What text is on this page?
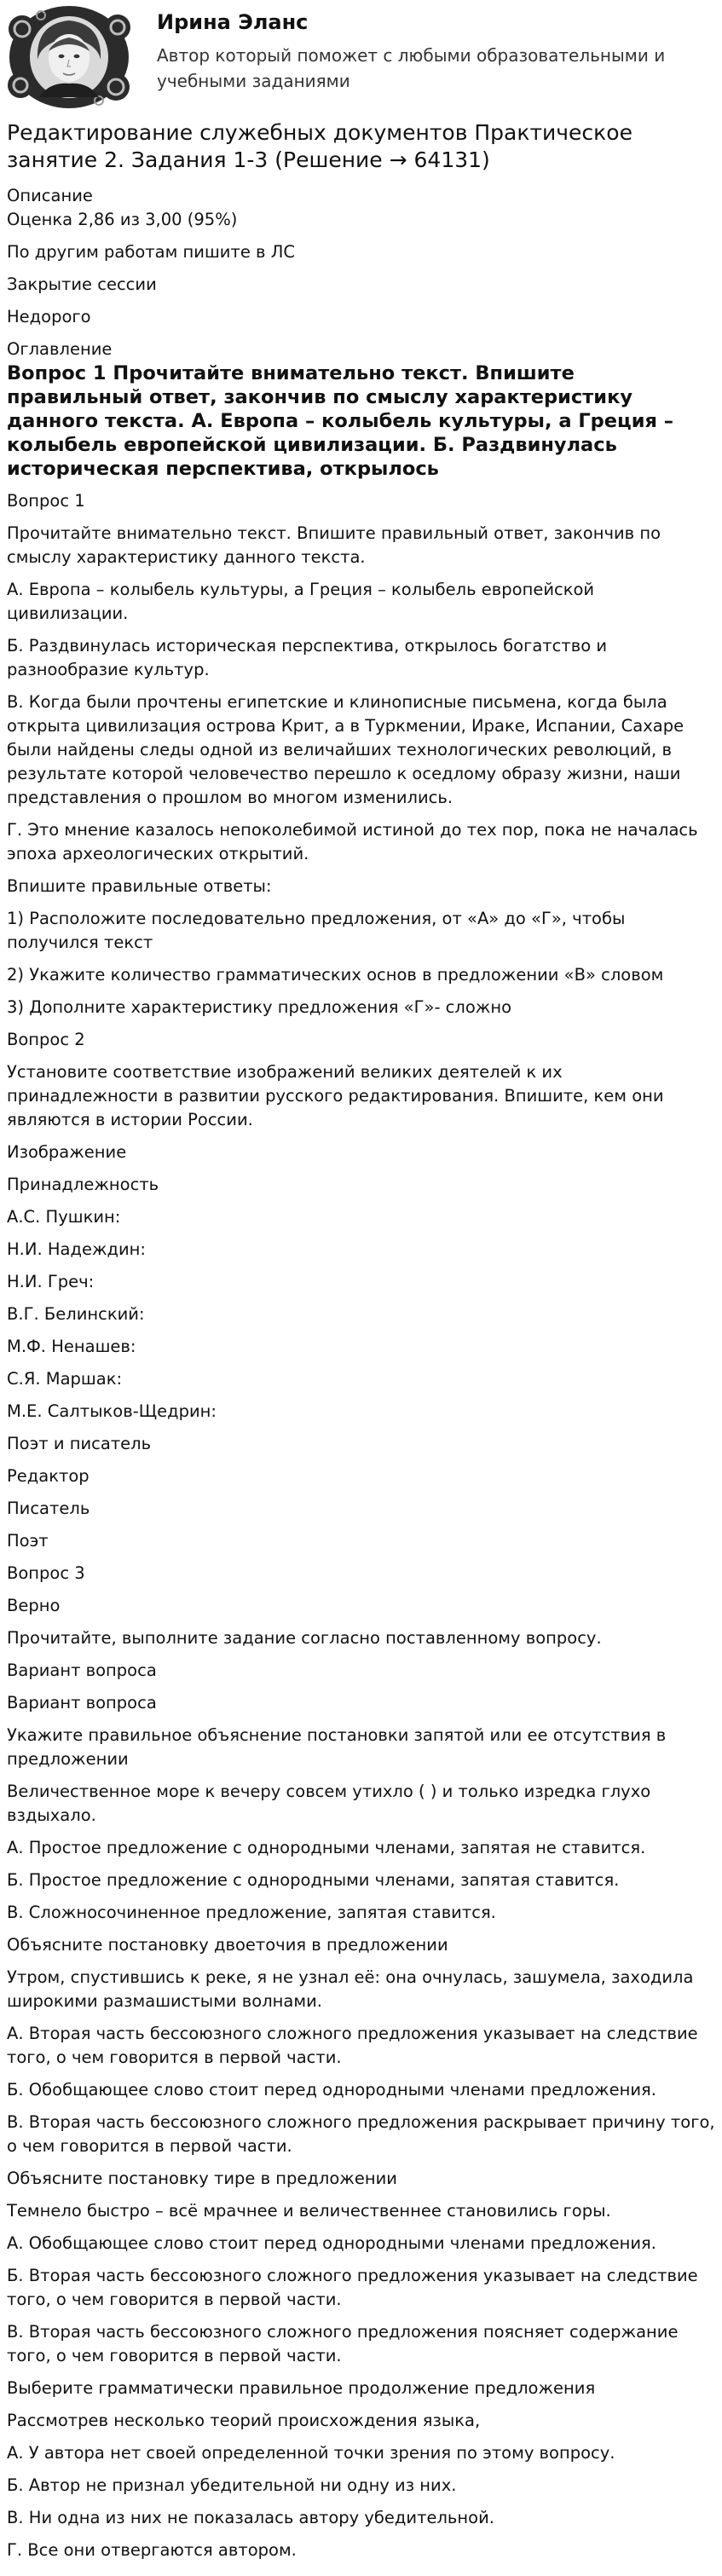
Ирина Эланс
Автор который поможет с любыми образовательными и учебными заданиями
Редактирование служебных документов Практическое занятие 2. Задания 1-3 (Решение → 64131)
Описание
Оценка 2,86 из 3,00 (95%)
По другим работам пишите в ЛС
Закрытие сессии
Недорого
Оглавление
Вопрос 1 Прочитайте внимательно текст. Впишите правильный ответ, закончив по смыслу характеристику данного текста. А. Европа – колыбель культуры, а Греция – колыбель европейской цивилизации. Б. Раздвинулась историческая перспектива, открылось
Вопрос 1
Прочитайте внимательно текст. Впишите правильный ответ, закончив по смыслу характеристику данного текста.
А. Европа – колыбель культуры, а Греция – колыбель европейской цивилизации.
Б. Раздвинулась историческая перспектива, открылось богатство и разнообразие культур.
В. Когда были прочтены египетские и клинописные письмена, когда была открыта цивилизация острова Крит, а в Туркмении, Ираке, Испании, Сахаре были найдены следы одной из величайших технологических революций, в результате которой человечество перешло к оседлому образу жизни, наши представления о прошлом во многом изменились.
Г. Это мнение казалось непоколебимой истиной до тех пор, пока не началась эпоха археологических открытий.
Впишите правильные ответы:
1) Расположите последовательно предложения, от «А» до «Г», чтобы получился текст
2) Укажите количество грамматических основ в предложении «В» словом
3) Дополните характеристику предложения «Г»- сложно
Вопрос 2
Установите соответствие изображений великих деятелей к их принадлежности в развитии русского редактирования. Впишите, кем они являются в истории России.
Изображение
Принадлежность
А.С. Пушкин:
Н.И. Надеждин:
Н.И. Греч:
В.Г. Белинский:
М.Ф. Ненашев:
С.Я. Маршак:
М.Е. Салтыков-Щедрин:
Поэт и писатель
Редактор
Писатель
Поэт
Вопрос 3
Верно
Прочитайте, выполните задание согласно поставленному вопросу.
Вариант вопроса
Вариант вопроса
Укажите правильное объяснение постановки запятой или ее отсутствия в предложении
Величественное море к вечеру совсем утихло ( ) и только изредка глухо вздыхало.
А. Простое предложение с однородными членами, запятая не ставится.
Б. Простое предложение с однородными членами, запятая ставится.
В. Сложносочиненное предложение, запятая ставится.
Объясните постановку двоеточия в предложении
Утром, спустившись к реке, я не узнал её: она очнулась, зашумела, заходила широкими размашистыми волнами.
А. Вторая часть бессоюзного сложного предложения указывает на следствие того, о чем говорится в первой части.
Б. Обобщающее слово стоит перед однородными членами предложения.
В. Вторая часть бессоюзного сложного предложения раскрывает причину того, о чем говорится в первой части.
Объясните постановку тире в предложении
Темнело быстро – всё мрачнее и величественнее становились горы.
А. Обобщающее слово стоит перед однородными членами предложения.
Б. Вторая часть бессоюзного сложного предложения указывает на следствие того, о чем говорится в первой части.
В. Вторая часть бессоюзного сложного предложения поясняет содержание того, о чем говорится в первой части.
Выберите грамматически правильное продолжение предложения
Рассмотрев несколько теорий происхождения языка,
А. У автора нет своей определенной точки зрения по этому вопросу.
Б. Автор не признал убедительной ни одну из них.
В. Ни одна из них не показалась автору убедительной.
Г. Все они отвергаются автором.
